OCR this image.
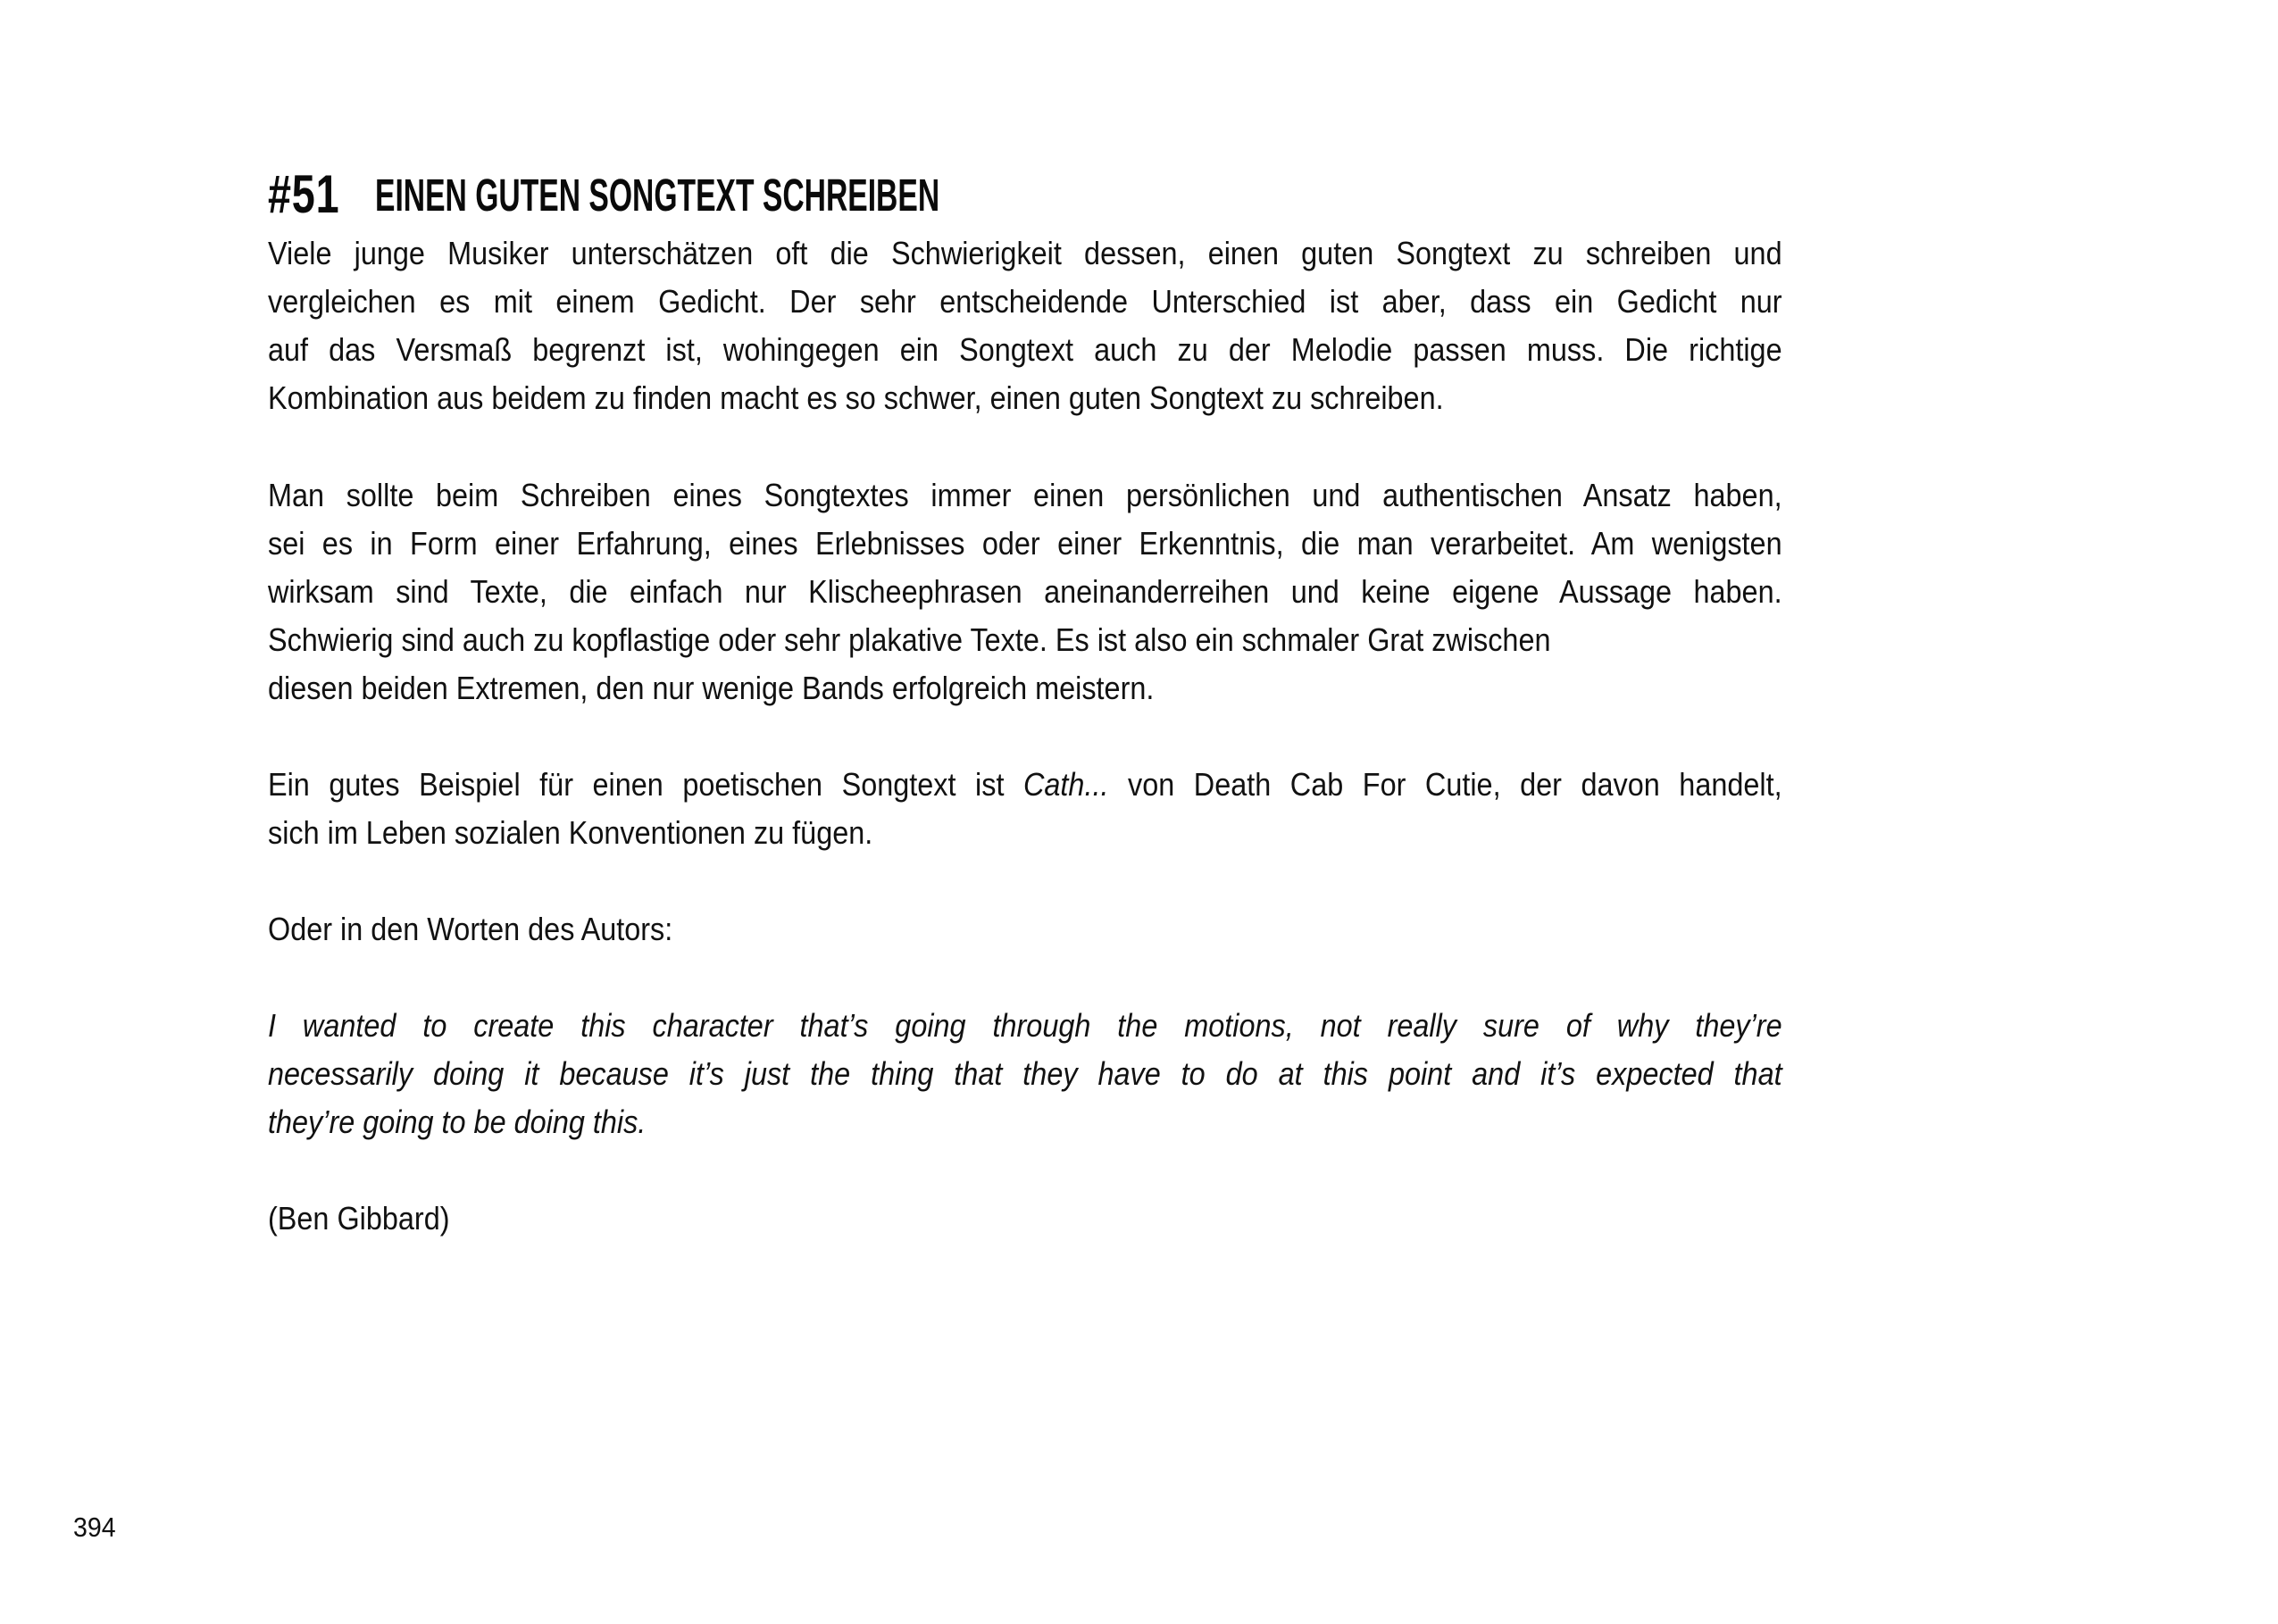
#51 EINEN GUTEN SONGTEXT SCHREIBEN
Viele junge Musiker unterschätzen oft die Schwierigkeit dessen, einen guten Songtext zu schreiben und
vergleichen es mit einem Gedicht. Der sehr entscheidende Unterschied ist aber, dass ein Gedicht nur
auf das Versmaß begrenzt ist, wohingegen ein Songtext auch zu der Melodie passen muss. Die richtige
Kombination aus beidem zu finden macht es so schwer, einen guten Songtext zu schreiben.
Man sollte beim Schreiben eines Songtextes immer einen persönlichen und authentischen Ansatz haben,
sei es in Form einer Erfahrung, eines Erlebnisses oder einer Erkenntnis, die man verarbeitet. Am wenigsten
wirksam sind Texte, die einfach nur Klischeephrasen aneinanderreihen und keine eigene Aussage haben.
Schwierig sind auch zu kopflastige oder sehr plakative Texte. Es ist also ein schmaler Grat zwischen
diesen beiden Extremen, den nur wenige Bands erfolgreich meistern.
Ein gutes Beispiel für einen poetischen Songtext ist Cath... von Death Cab For Cutie, der davon handelt,
sich im Leben sozialen Konventionen zu fügen.
Oder in den Worten des Autors:
I wanted to create this character that’s going through the motions, not really sure of why they’re
necessarily doing it because it’s just the thing that they have to do at this point and it’s expected that
they’re going to be doing this.
(Ben Gibbard)
394
